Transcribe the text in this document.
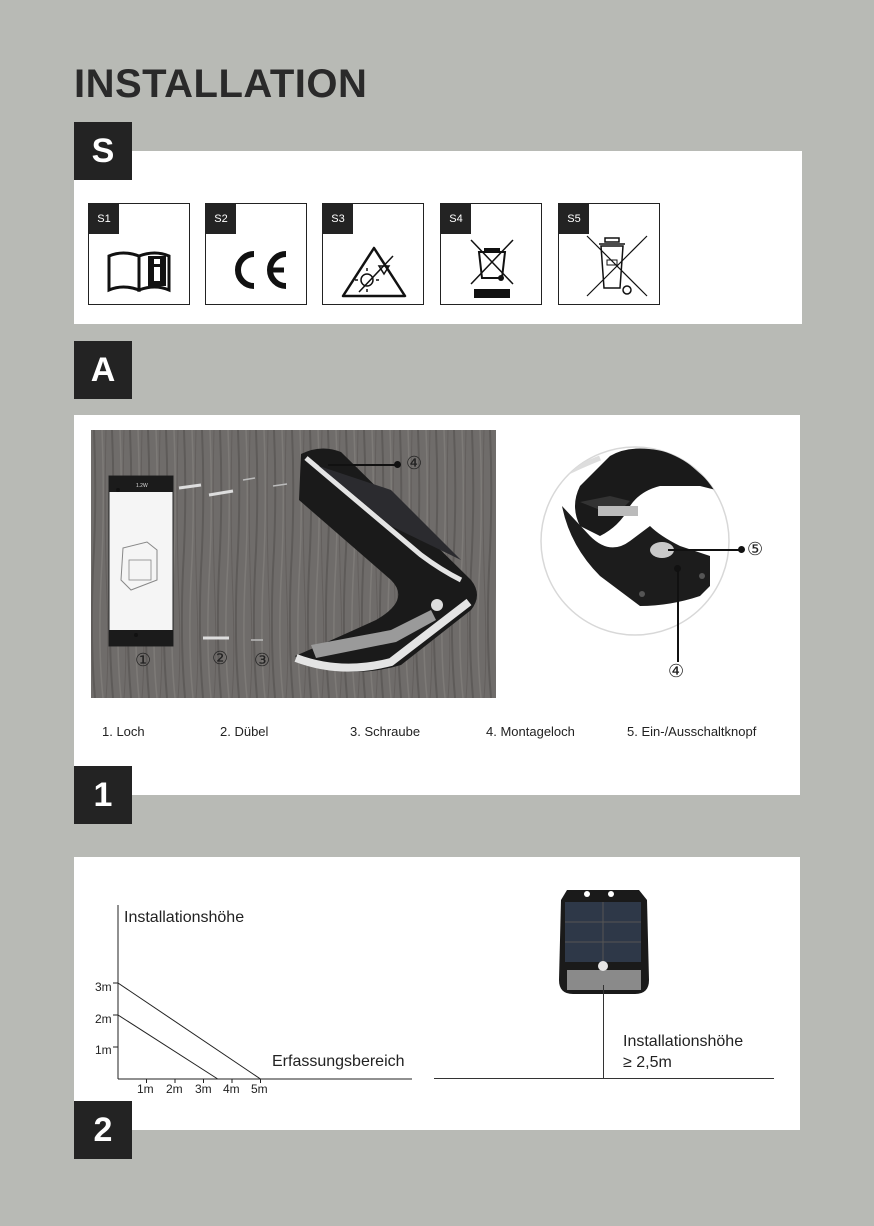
INSTALLATION
S
S1	S2	S3	S4	S5
A
1.2W
④
①	② ③
⑤
④
1. Loch	2. Dübel	3. Schraube	4. Montageloch	5. Ein-/Ausschaltknopf
1
Installationshöhe
Erfassungsbereich
3m
2m
1m
1m 2m 3m 4m 5m
Installationshöhe
≥ 2,5m
2
